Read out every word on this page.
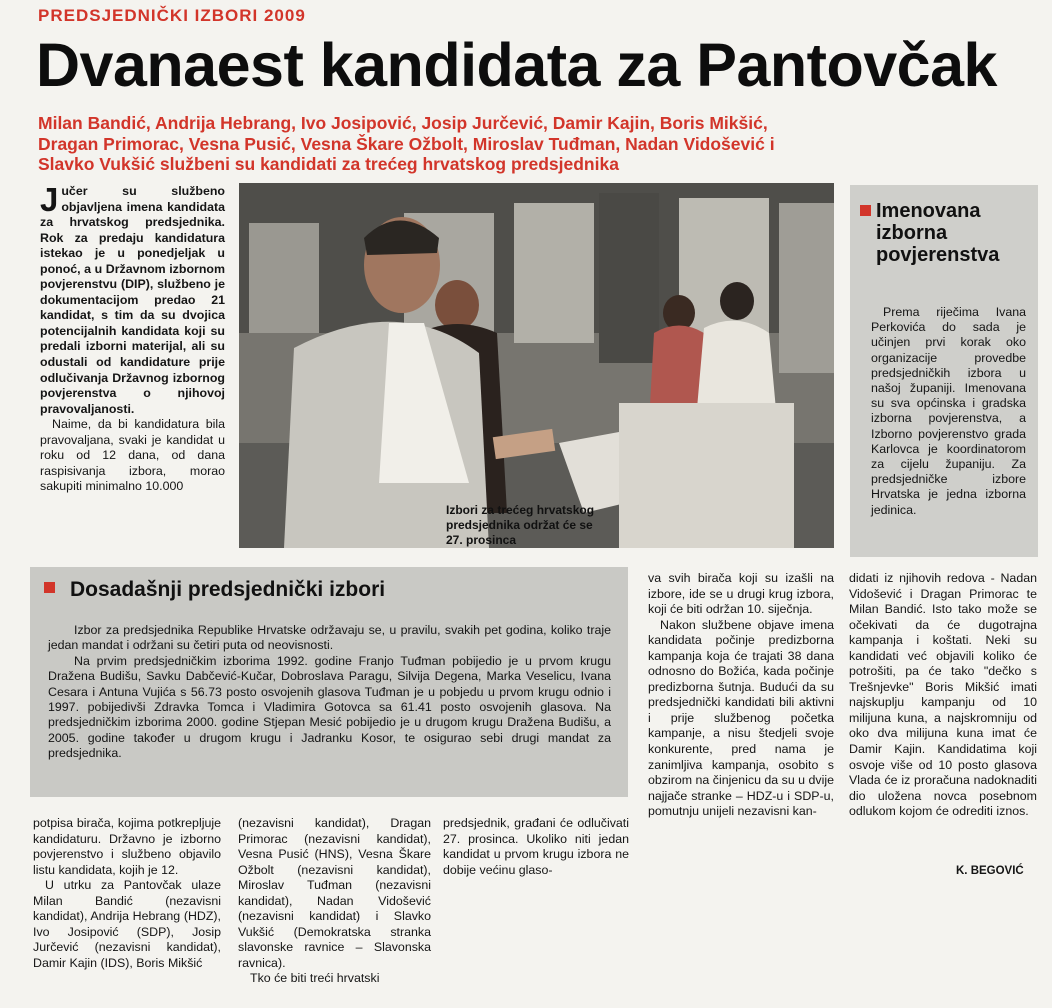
PREDSJEDNIČKI IZBORI 2009
Dvanaest kandidata za Pantovčak
Milan Bandić, Andrija Hebrang, Ivo Josipović, Josip Jurčević, Damir Kajin, Boris Mikšić,
Dragan Primorac, Vesna Pusić, Vesna Škare Ožbolt, Miroslav Tuđman, Nadan Vidošević i
Slavko Vukšić službeni su kandidati za trećeg hrvatskog predsjednika

Jučer su službeno objavljena imena kandidata za hrvatskog predsjednika. Rok za predaju kandidatura istekao je u ponedjeljak u ponoć, a u Državnom izbornom povjerenstvu (DIP), službeno je dokumentacijom predao 21 kandidat, s tim da su dvojica potencijalnih kandidata koji su predali izborni materijal, ali su odustali od kandidature prije odlučivanja Državnog izbornog povjerenstva o njihovoj pravovaljanosti.

Naime, da bi kandidatura bila pravovaljana, svaki je kandidat u roku od 12 dana, od dana raspisivanja izbora, morao sakupiti minimalno 10.000

Izbori za trećeg hrvatskog predsjednika održat će se 27. prosinca
Imenovana
izborna
povjerenstva
Prema riječima Ivana Perkovića do sada je učinjen prvi korak oko organizacije provedbe predsjedničkih izbora u našoj županiji. Imenovana su sva općinska i gradska izborna povjerenstva, a Izborno povjerenstvo grada Karlovca je koordinatorom za cijelu županiju. Za predsjedničke izbore Hrvatska je jedna izborna jedinica.
Dosadašnji predsjednički izbori

Izbor za predsjednika Republike Hrvatske održavaju se, u pravilu, svakih pet godina, koliko traje jedan mandat i održani su četiri puta od neovisnosti.

Na prvim predsjedničkim izborima 1992. godine Franjo Tuđman pobijedio je u prvom krugu Dražena Budišu, Savku Dabčević-Kučar, Dobroslava Paragu, Silvija Degena, Marka Veselicu, Ivana Cesara i Antuna Vujića s 56.73 posto osvojenih glasova Tuđman je u pobjedu u prvom krugu odnio i 1997. pobijedivši Zdravka Tomca i Vladimira Gotovca sa 61.41 posto osvojenih glasova. Na predsjedničkim izborima 2000. godine Stjepan Mesić pobijedio je u drugom krugu Dražena Budišu, a 2005. godine također u drugom krugu i Jadranku Kosor, te osigurao sebi drugi mandat za predsjednika.

va svih birača koji su izašli na izbore, ide se u drugi krug izbora, koji će biti održan 10. siječnja.

Nakon službene objave imena kandidata počinje predizborna kampanja koja će trajati 38 dana odnosno do Božića, kada počinje predizborna šutnja. Budući da su predsjednički kandidati bili aktivni i prije službenog početka kampanje, a nisu štedjeli svoje konkurente, pred nama je zanimljiva kampanja, osobito s obzirom na činjenicu da su u dvije najjače stranke – HDZ-u i SDP-u, pomutnju unijeli nezavisni kan-

didati iz njihovih redova - Nadan Vidošević i Dragan Primorac te Milan Bandić. Isto tako može se očekivati da će dugotrajna kampanja i koštati. Neki su kandidati već objavili koliko će potrošiti, pa će tako "dečko s Trešnjevke" Boris Mikšić imati najskuplju kampanju od 10 milijuna kuna, a najskromniju od oko dva milijuna kuna imat će Damir Kajin. Kandidatima koji osvoje više od 10 posto glasova Vlada će iz proračuna nadoknaditi dio uložena novca posebnom odlukom kojom će odrediti iznos.

K. BEGOVIĆ

potpisa birača, kojima potkrepljuje kandidaturu. Državno je izborno povjerenstvo i službeno objavilo listu kandidata, kojih je 12.

U utrku za Pantovčak ulaze Milan Bandić (nezavisni kandidat), Andrija Hebrang (HDZ), Ivo Josipović (SDP), Josip Jurčević (nezavisni kandidat), Damir Kajin (IDS), Boris Mikšić

(nezavisni kandidat), Dragan Primorac (nezavisni kandidat), Vesna Pusić (HNS), Vesna Škare Ožbolt (nezavisni kandidat), Miroslav Tuđman (nezavisni kandidat), Nadan Vidošević (nezavisni kandidat) i Slavko Vukšić (Demokratska stranka slavonske ravnice – Slavonska ravnica).

Tko će biti treći hrvatski

predsjednik, građani će odlučivati 27. prosinca. Ukoliko niti jedan kandidat u prvom krugu izbora ne dobije većinu glaso-
